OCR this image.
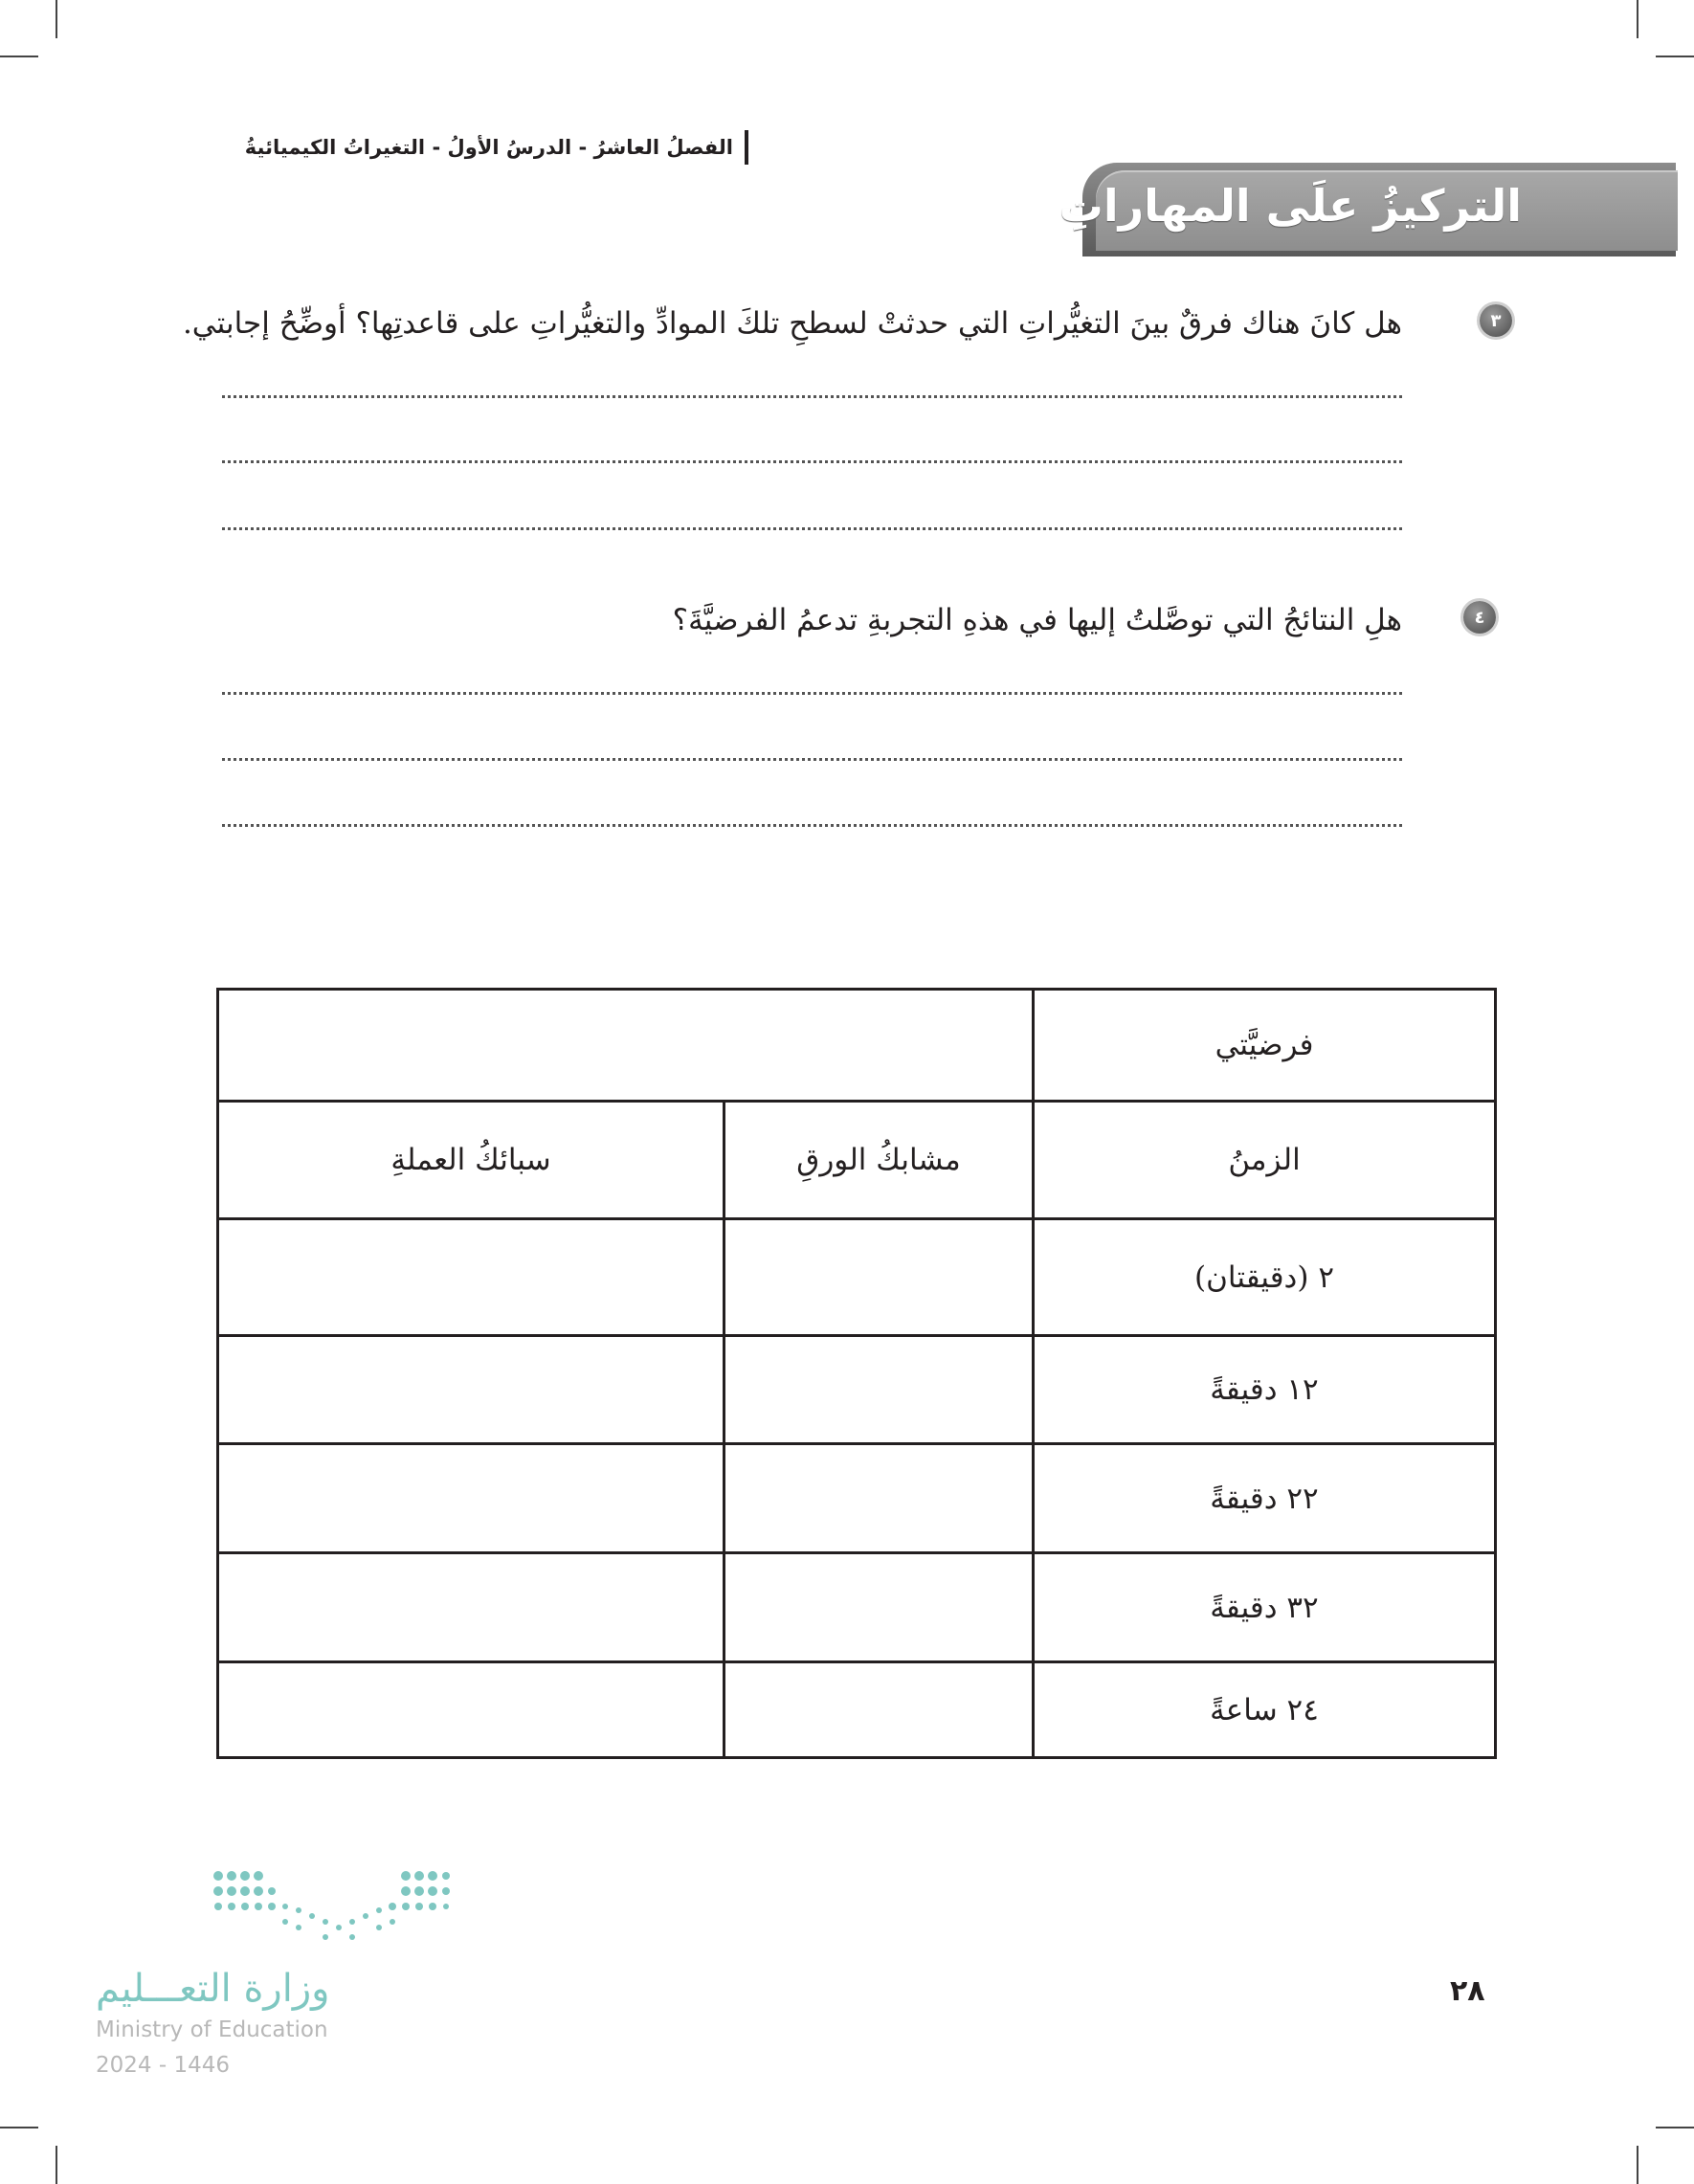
الفصلُ العاشرُ - الدرسُ الأولُ - التغيراتُ الكيميائيةُ
التركيزُ علَى المهاراتِ
٣
هل كانَ هناك فرقٌ بينَ التغيُّراتِ التي حدثتْ لسطحِ تلكَ الموادِّ والتغيُّراتِ على قاعدتِها؟ أوضِّحُ إجابتي.
٤
هلِ النتائجُ التي توصَّلتُ إليها في هذهِ التجربةِ تدعمُ الفرضيَّةَ؟
فرضيَّتي		
الزمنُ	مشابكُ الورقِ	سبائكُ العملةِ
٢ (دقيقتان)		
١٢ دقيقةً		
٢٢ دقيقةً		
٣٢ دقيقةً		
٢٤ ساعةً		
وزارة التعـــليم
Ministry of Education
2024 - 1446
٢٨
